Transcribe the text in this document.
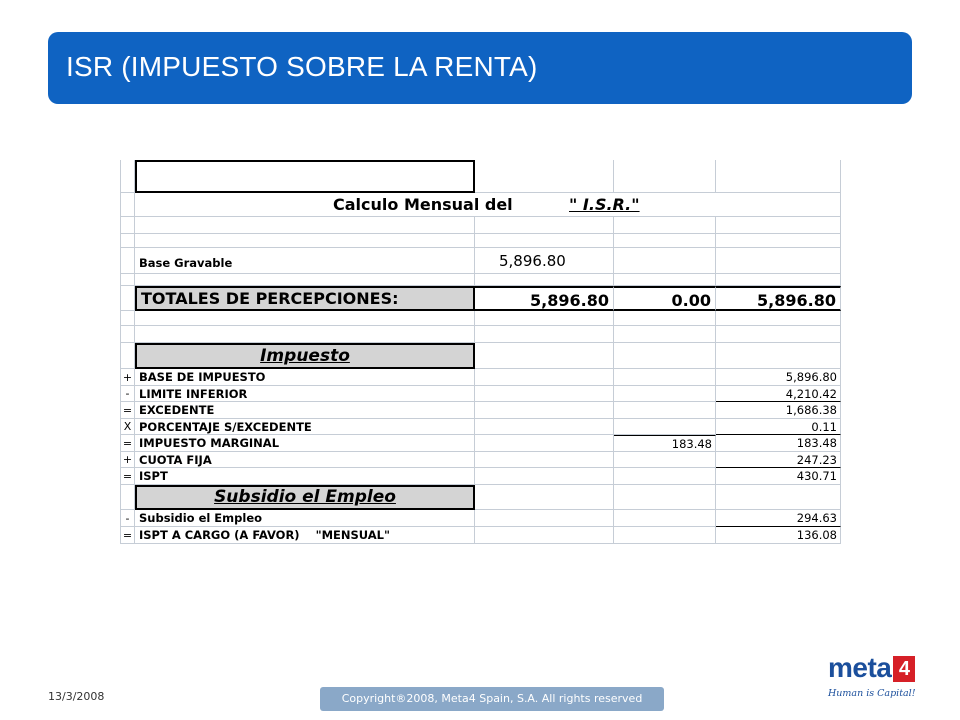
ISR (IMPUESTO SOBRE LA RENTA)
Calculo Mensual del	" I.S.R."
Base Gravable	5,896.80
TOTALES DE PERCEPCIONES:	5,896.80	0.00	5,896.80
Impuesto
+ BASE DE IMPUESTO	5,896.80
- LIMITE INFERIOR	4,210.42
= EXCEDENTE	1,686.38
X PORCENTAJE S/EXCEDENTE	0.11
= IMPUESTO MARGINAL	183.48	183.48
+ CUOTA FIJA	247.23
= ISPT	430.71
Subsidio el Empleo
- Subsidio el Empleo	294.63
= ISPT A CARGO (A FAVOR)    "MENSUAL"	136.08
13/3/2008	Copyright®2008, Meta4 Spain, S.A. All rights reserved
meta 4
Human is Capital!
